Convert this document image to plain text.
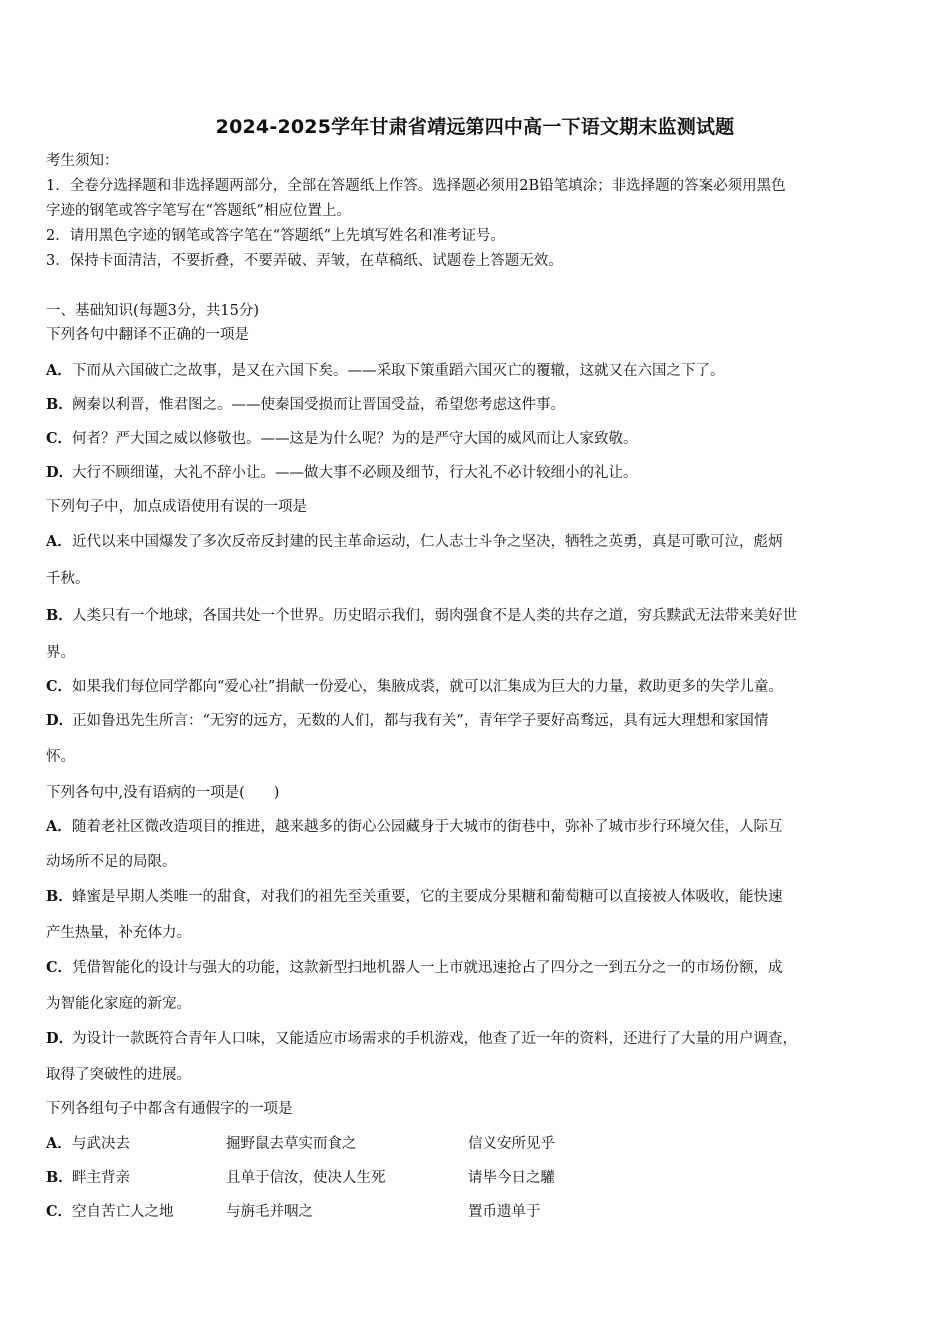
2024-2025学年甘肃省靖远第四中高一下语文期末监测试题
考生须知：
1．全卷分选择题和非选择题两部分，全部在答题纸上作答。选择题必须用2B铅笔填涂；非选择题的答案必须用黑色
字迹的钢笔或答字笔写在“答题纸”相应位置上。
2．请用黑色字迹的钢笔或答字笔在“答题纸”上先填写姓名和准考证号。
3．保持卡面清洁，不要折叠，不要弄破、弄皱，在草稿纸、试题卷上答题无效。
一、基础知识(每题3分，共15分)
下列各句中翻译不正确的一项是
A．下而从六国破亡之故事，是又在六国下矣。——采取下策重蹈六国灭亡的覆辙，这就又在六国之下了。
B．阙秦以利晋，惟君图之。——使秦国受损而让晋国受益，希望您考虑这件事。
C．何者？严大国之威以修敬也。——这是为什么呢？为的是严守大国的威风而让人家致敬。
D．大行不顾细谨，大礼不辞小让。——做大事不必顾及细节，行大礼不必计较细小的礼让。
下列句子中，加点成语使用有误的一项是
A．近代以来中国爆发了多次反帝反封建的民主革命运动，仁人志士斗争之坚决，牺牲之英勇，真是可歌可泣，彪炳
千秋。
B．人类只有一个地球，各国共处一个世界。历史昭示我们，弱肉强食不是人类的共存之道，穷兵黩武无法带来美好世
界。
C．如果我们每位同学都向“爱心社”捐献一份爱心，集腋成裘，就可以汇集成为巨大的力量，救助更多的失学儿童。
D．正如鲁迅先生所言：“无穷的远方，无数的人们，都与我有关”，青年学子要好高骛远，具有远大理想和家国情
怀。
下列各句中,没有语病的一项是(　　)
A．随着老社区微改造项目的推进，越来越多的街心公园藏身于大城市的街巷中，弥补了城市步行环境欠佳，人际互
动场所不足的局限。
B．蜂蜜是早期人类唯一的甜食，对我们的祖先至关重要，它的主要成分果糖和葡萄糖可以直接被人体吸收，能快速
产生热量，补充体力。
C．凭借智能化的设计与强大的功能，这款新型扫地机器人一上市就迅速抢占了四分之一到五分之一的市场份额，成
为智能化家庭的新宠。
D．为设计一款既符合青年人口味，又能适应市场需求的手机游戏，他查了近一年的资料，还进行了大量的用户调查，
取得了突破性的进展。
下列各组句子中都含有通假字的一项是
A．与武决去	掘野鼠去草实而食之	信义安所见乎
B．畔主背亲	且单于信汝，使决人生死	请毕今日之驩
C．空自苦亡人之地	与旃毛并咽之	置币遗单于
